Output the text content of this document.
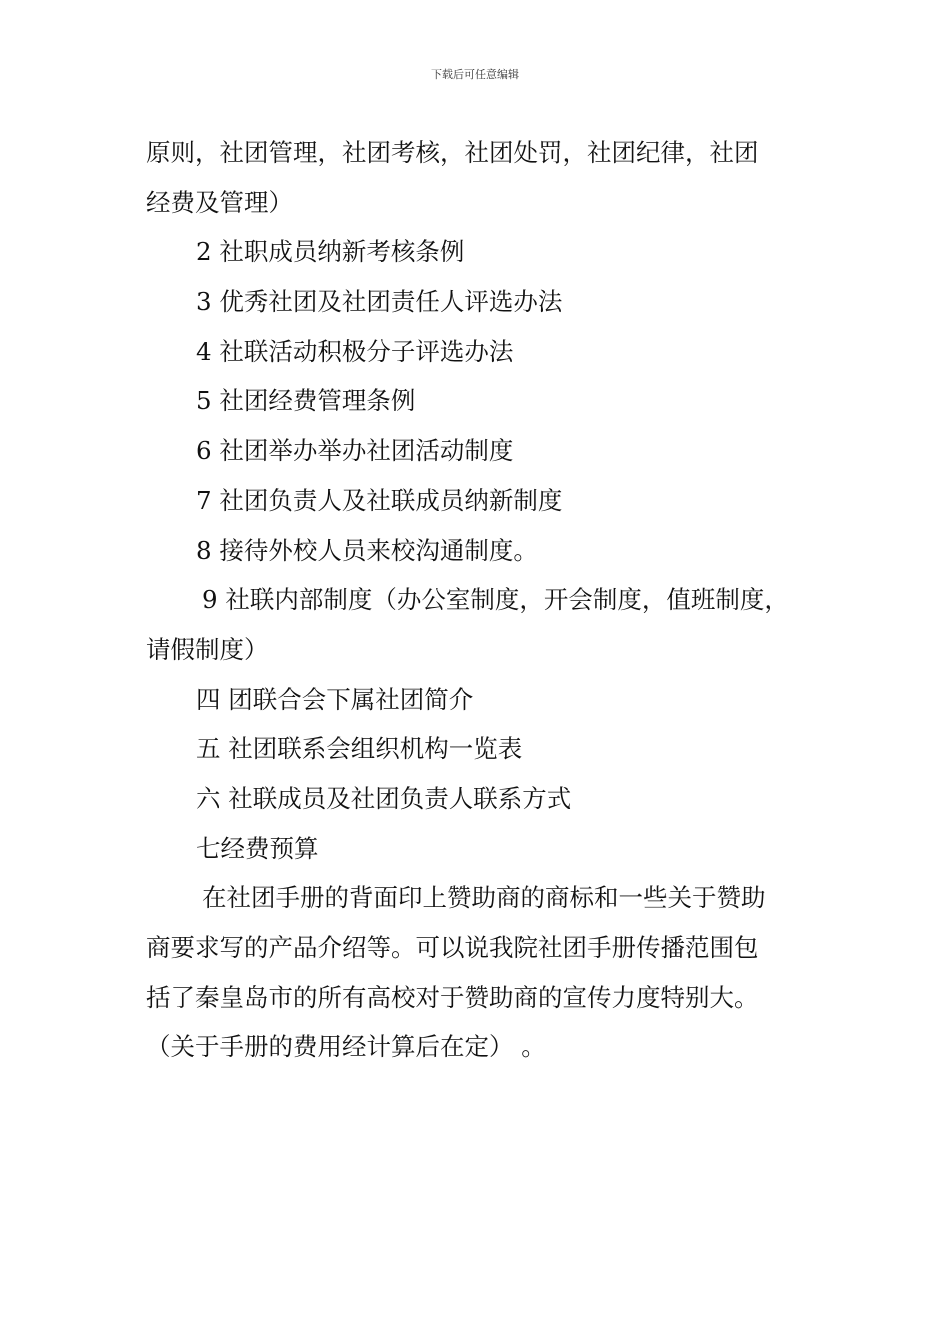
下载后可任意编辑
原则，社团管理，社团考核，社团处罚，社团纪律，社团
经费及管理）
2 社职成员纳新考核条例
3 优秀社团及社团责任人评选办法
4 社联活动积极分子评选办法
5 社团经费管理条例
6 社团举办举办社团活动制度
7 社团负责人及社联成员纳新制度
8 接待外校人员来校沟通制度。
9 社联内部制度（办公室制度，开会制度，值班制度，
请假制度）
四 团联合会下属社团简介
五 社团联系会组织机构一览表
六 社联成员及社团负责人联系方式
七经费预算
在社团手册的背面印上赞助商的商标和一些关于赞助
商要求写的产品介绍等。可以说我院社团手册传播范围包
括了秦皇岛市的所有高校对于赞助商的宣传力度特别大。
（关于手册的费用经计算后在定） 。
